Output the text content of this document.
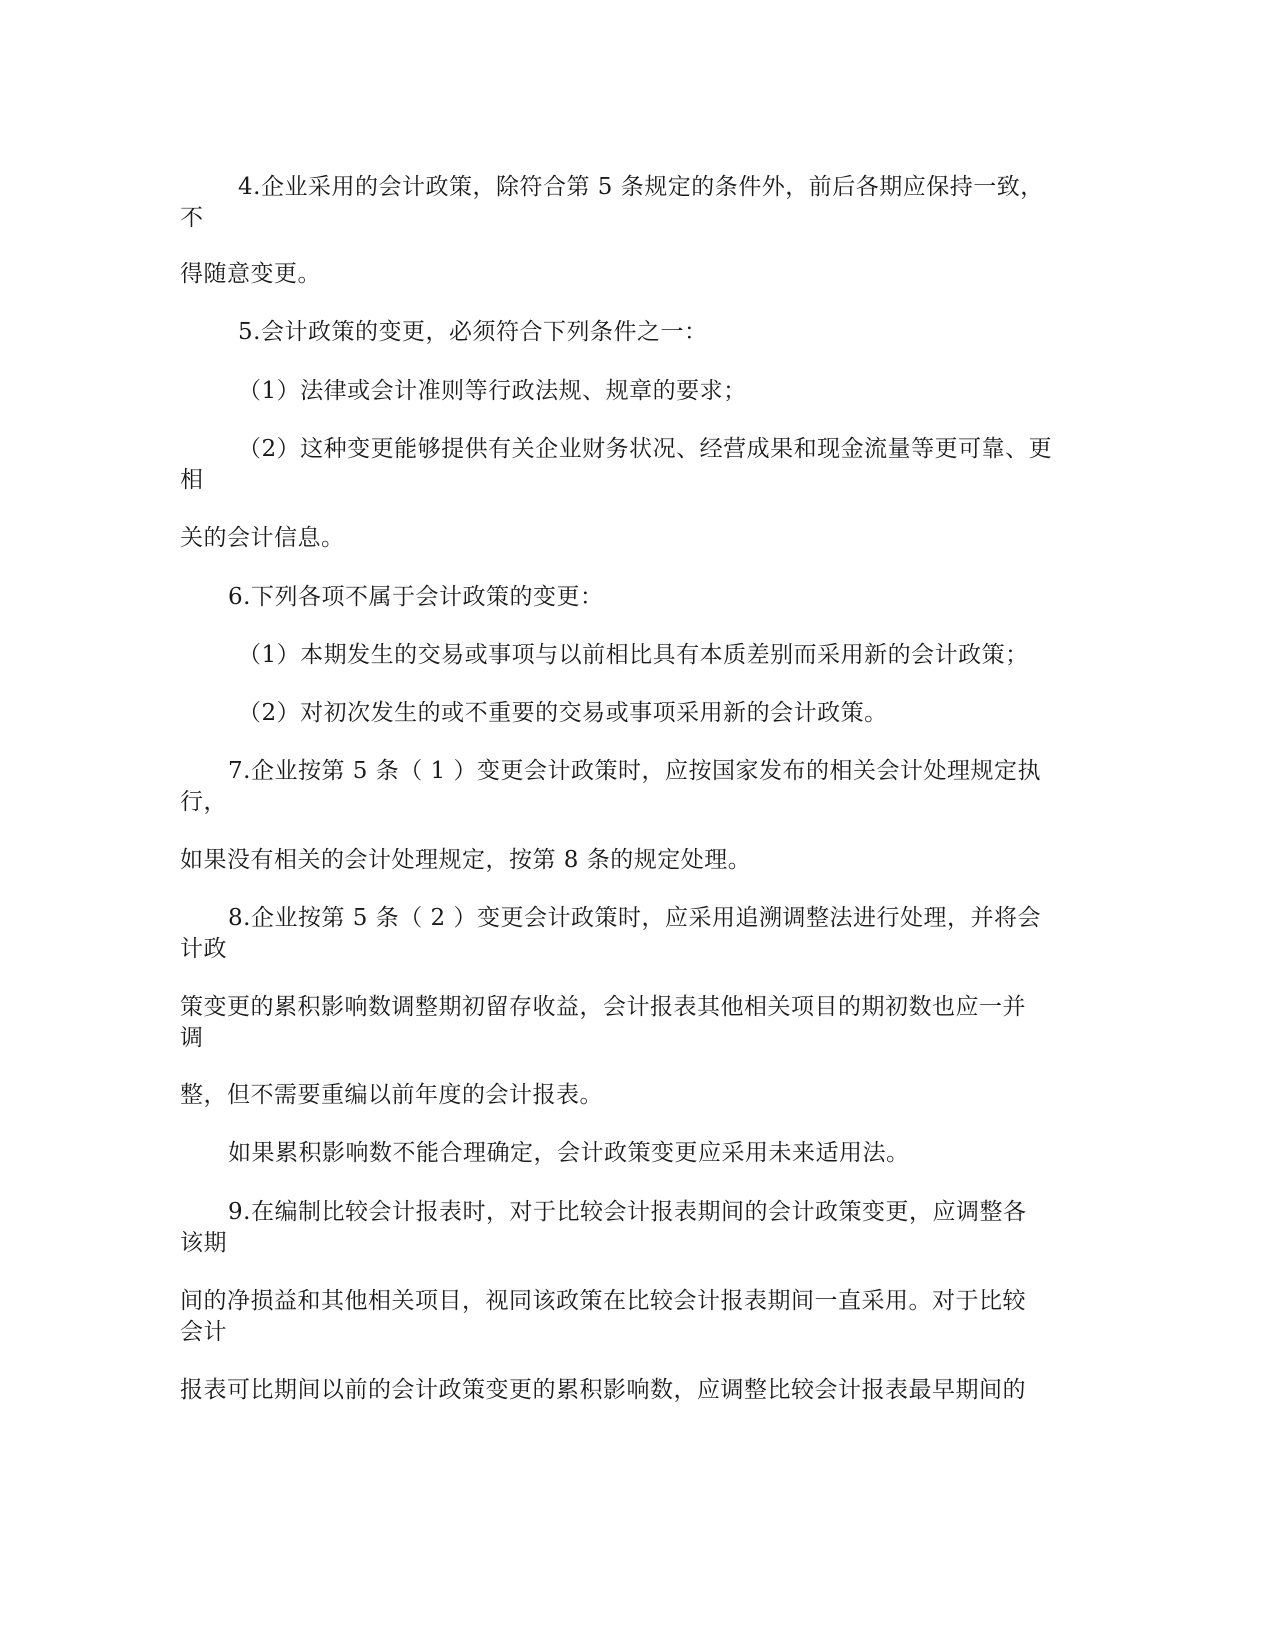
4.企业采用的会计政策，除符合第 5 条规定的条件外，前后各期应保持一致，
不
得随意变更。
5.会计政策的变更，必须符合下列条件之一：
（1）法律或会计准则等行政法规、规章的要求；
（2）这种变更能够提供有关企业财务状况、经营成果和现金流量等更可靠、更
相
关的会计信息。
6.下列各项不属于会计政策的变更：
（1）本期发生的交易或事项与以前相比具有本质差别而采用新的会计政策；
（2）对初次发生的或不重要的交易或事项采用新的会计政策。
7.企业按第 5 条（ 1 ）变更会计政策时，应按国家发布的相关会计处理规定执
行，
如果没有相关的会计处理规定，按第 8 条的规定处理。
8.企业按第 5 条（ 2 ）变更会计政策时，应采用追溯调整法进行处理，并将会
计政
策变更的累积影响数调整期初留存收益，会计报表其他相关项目的期初数也应一并
调
整，但不需要重编以前年度的会计报表。
如果累积影响数不能合理确定，会计政策变更应采用未来适用法。
9.在编制比较会计报表时，对于比较会计报表期间的会计政策变更，应调整各
该期
间的净损益和其他相关项目，视同该政策在比较会计报表期间一直采用。对于比较
会计
报表可比期间以前的会计政策变更的累积影响数，应调整比较会计报表最早期间的
